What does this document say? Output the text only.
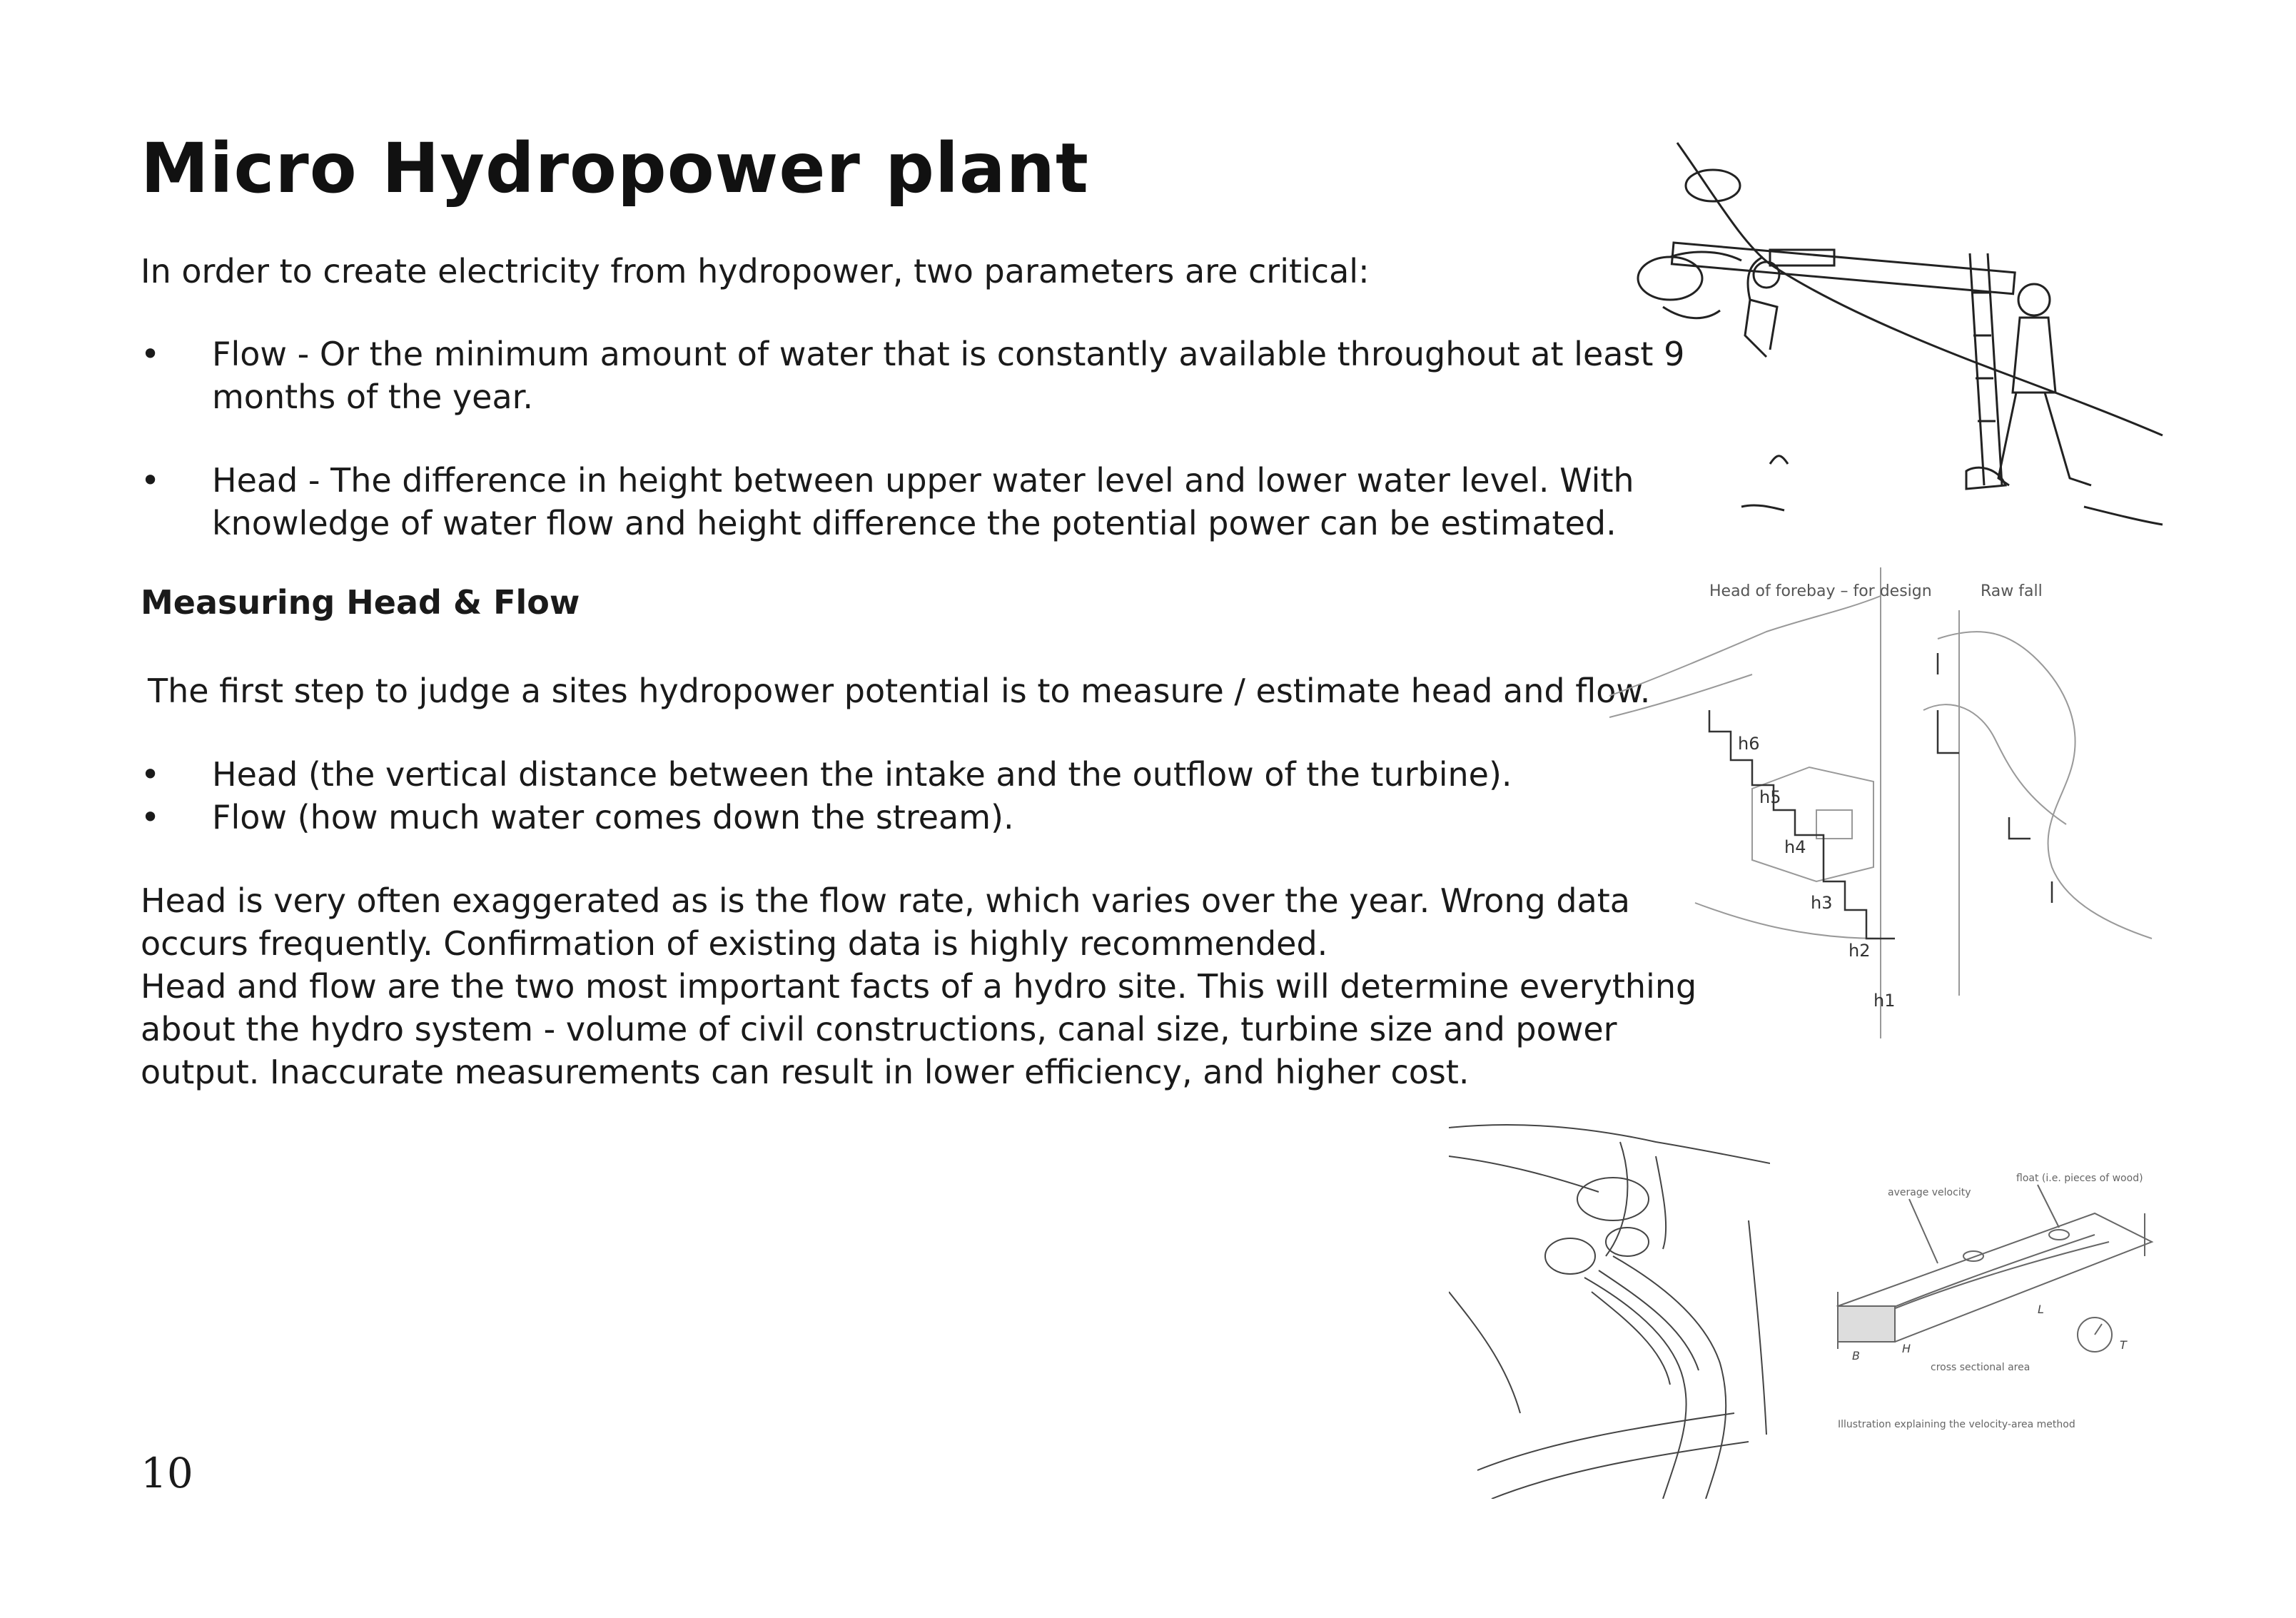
Micro Hydropower plant

In order to create electricity from hydropower, two parameters are critical:

• Flow - Or the minimum amount of water that is constantly available throughout at least 9
months of the year.
• Head - The difference in height between upper water level and lower water level. With
knowledge of water flow and height difference the potential power can be estimated.
Measuring Head & Flow

The first step to judge a sites hydropower potential is to measure / estimate head and flow.

• Head (the vertical distance between the intake and the outflow of the turbine).
• Flow (how much water comes down the stream).
Head is very often exaggerated as is the flow rate, which varies over the year. Wrong data
occurs frequently. Confirmation of existing data is highly recommended.
Head and flow are the two most important facts of a hydro site. This will determine everything
about the hydro system - volume of civil constructions, canal size, turbine size and power
output. Inaccurate measurements can result in lower efficiency, and higher cost.
10
Head of forebay – for design	Raw fall
h6
h5
h4
h3
h2
h1
float (i.e. pieces of wood)
average velocity
cross sectional area
Illustration explaining the velocity-area method
L
B
H	T
